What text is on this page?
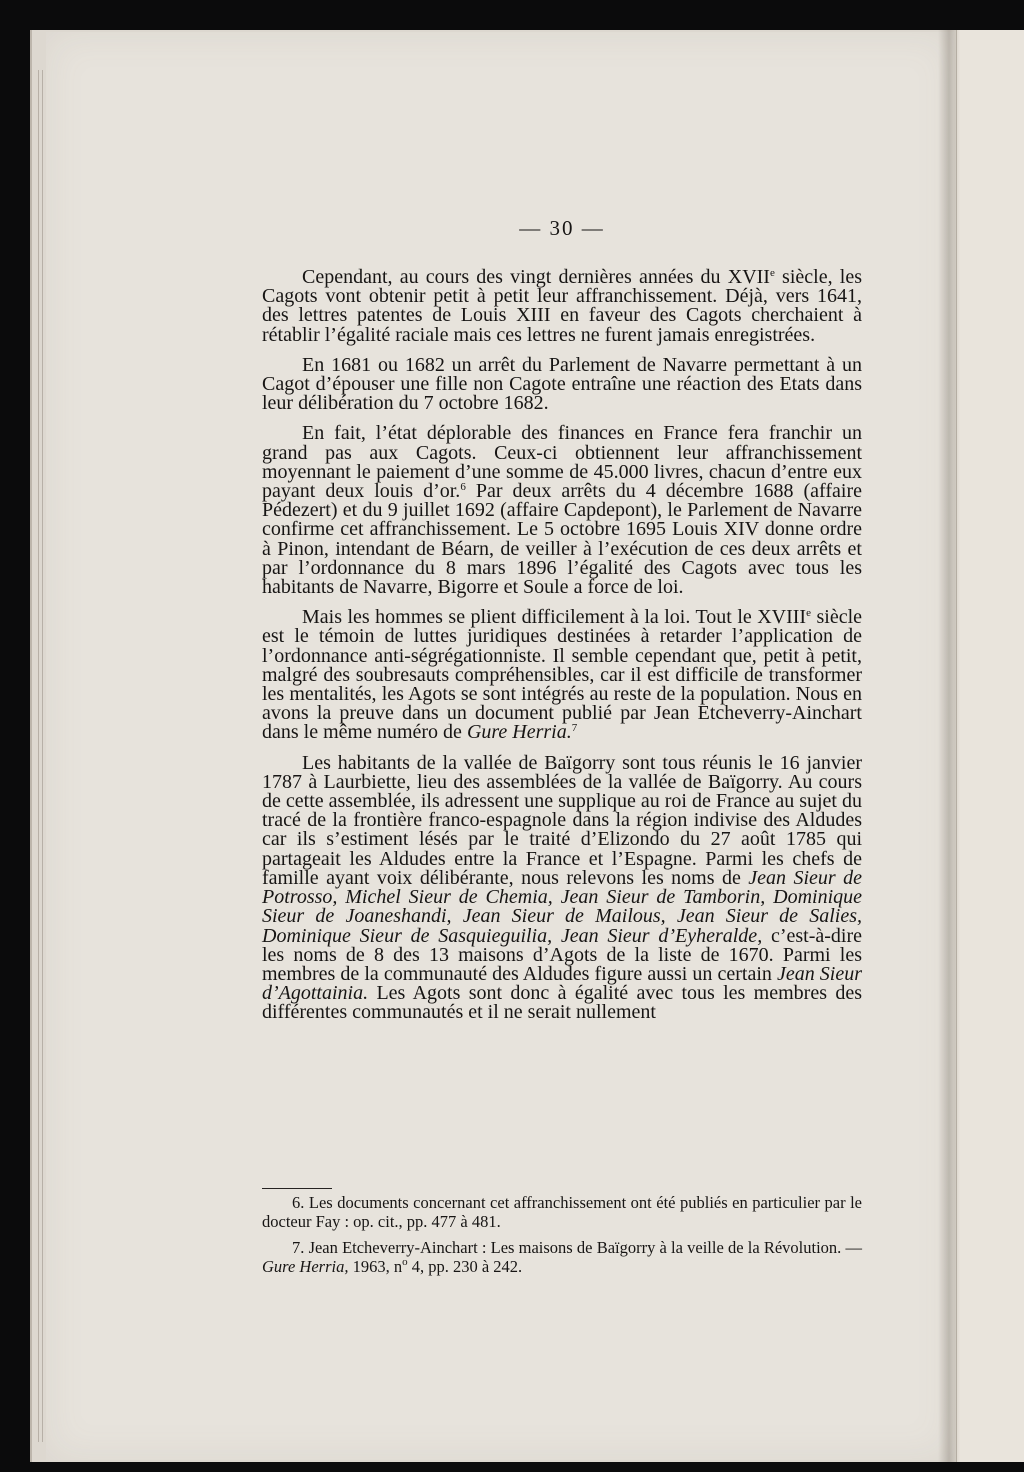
— 30 —

Cependant, au cours des vingt dernières années du XVIIe siècle, les Cagots vont obtenir petit à petit leur affranchissement. Déjà, vers 1641, des lettres patentes de Louis XIII en faveur des Cagots cherchaient à rétablir l’égalité raciale mais ces lettres ne furent jamais enregistrées.

En 1681 ou 1682 un arrêt du Parlement de Navarre permettant à un Cagot d’épouser une fille non Cagote entraîne une réaction des Etats dans leur délibération du 7 octobre 1682.

En fait, l’état déplorable des finances en France fera franchir un grand pas aux Cagots. Ceux-ci obtiennent leur affranchissement moyennant le paiement d’une somme de 45.000 livres, chacun d’entre eux payant deux louis d’or.$^6$ Par deux arrêts du 4 décembre 1688 (affaire Pédezert) et du 9 juillet 1692 (affaire Capdepont), le Parlement de Navarre confirme cet affranchissement. Le 5 octobre 1695 Louis XIV donne ordre à Pinon, intendant de Béarn, de veiller à l’exécution de ces deux arrêts et par l’ordonnance du 8 mars 1896 l’égalité des Cagots avec tous les habitants de Navarre, Bigorre et Soule a force de loi.

Mais les hommes se plient difficilement à la loi. Tout le XVIIIe siècle est le témoin de luttes juridiques destinées à retarder l’application de l’ordonnance anti-ségrégationniste. Il semble cependant que, petit à petit, malgré des soubresauts compréhensibles, car il est difficile de transformer les mentalités, les Agots se sont intégrés au reste de la population. Nous en avons la preuve dans un document publié par Jean Etcheverry-Ainchart dans le même numéro de Gure Herria.$^7$

Les habitants de la vallée de Baïgorry sont tous réunis le 16 janvier 1787 à Laurbiette, lieu des assemblées de la vallée de Baïgorry. Au cours de cette assemblée, ils adressent une supplique au roi de France au sujet du tracé de la frontière franco-espagnole dans la région indivise des Aldudes car ils s’estiment lésés par le traité d’Elizondo du 27 août 1785 qui partageait les Aldudes entre la France et l’Espagne. Parmi les chefs de famille ayant voix délibérante, nous relevons les noms de Jean Sieur de Potrosso, Michel Sieur de Chemia, Jean Sieur de Tamborin, Dominique Sieur de Joaneshandi, Jean Sieur de Mailous, Jean Sieur de Salies, Dominique Sieur de Sasquieguilia, Jean Sieur d’Eyheralde, c’est-à-dire les noms de 8 des 13 maisons d’Agots de la liste de 1670. Parmi les membres de la communauté des Aldudes figure aussi un certain Jean Sieur d’Agottainia. Les Agots sont donc à égalité avec tous les membres des différentes communautés et il ne serait nullement

6. Les documents concernant cet affranchissement ont été publiés en particulier par le docteur Fay : op. cit., pp. 477 à 481.

7. Jean Etcheverry-Ainchart : Les maisons de Baïgorry à la veille de la Révolution. — Gure Herria, 1963, $n^o$ 4, pp. 230 à 242.
